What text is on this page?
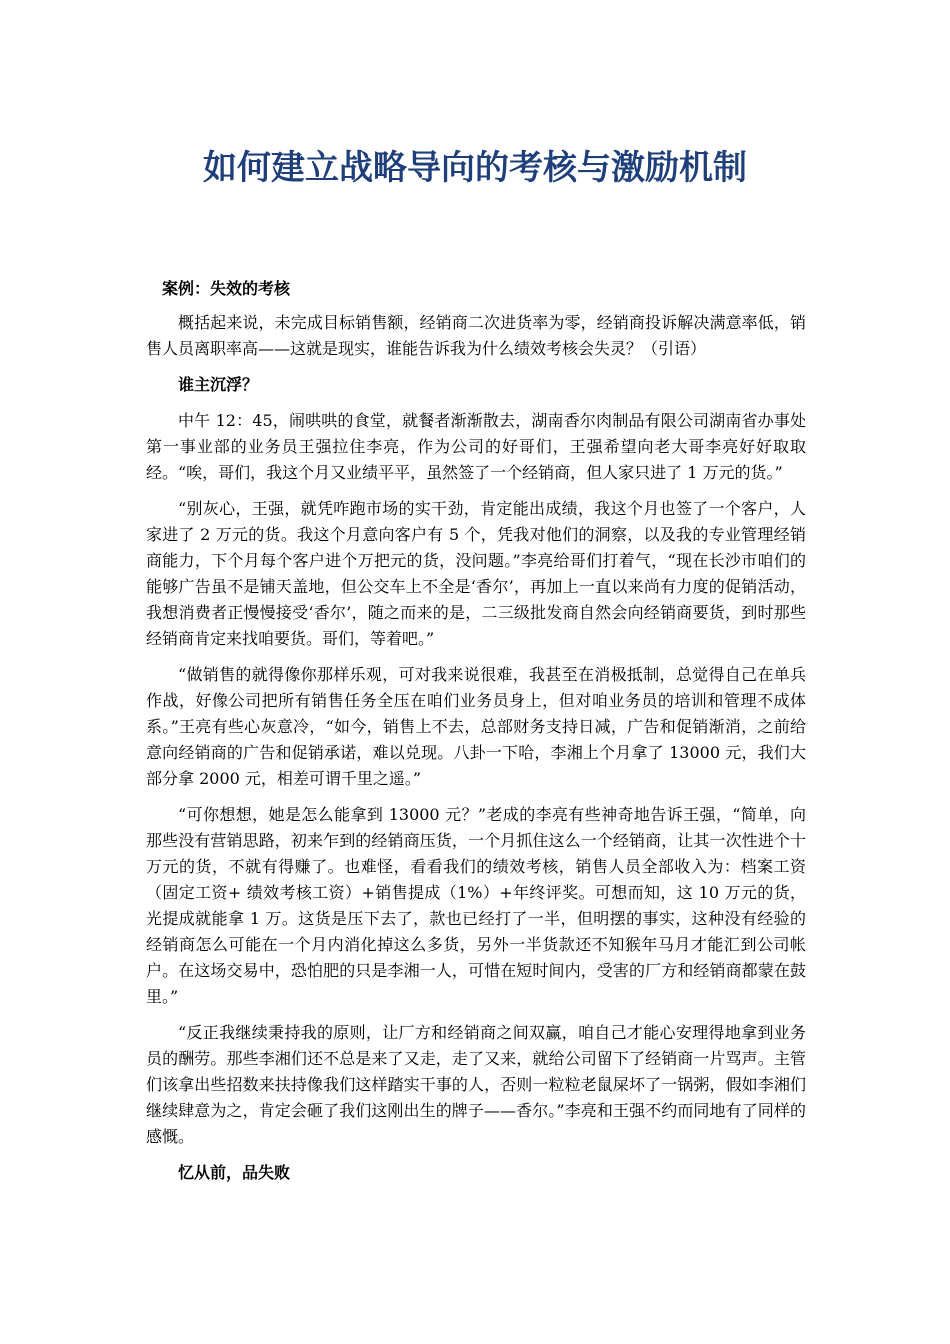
如何建立战略导向的考核与激励机制

案例：失效的考核

概括起来说，未完成目标销售额，经销商二次进货率为零，经销商投诉解决满意率低，销售人员离职率高——这就是现实，谁能告诉我为什么绩效考核会失灵？（引语）

谁主沉浮？

中午 12：45，闹哄哄的食堂，就餐者渐渐散去，湖南香尔肉制品有限公司湖南省办事处第一事业部的业务员王强拉住李亮，作为公司的好哥们，王强希望向老大哥李亮好好取取经。“唉，哥们，我这个月又业绩平平，虽然签了一个经销商，但人家只进了 1 万元的货。”

“别灰心，王强，就凭咋跑市场的实干劲，肯定能出成绩，我这个月也签了一个客户，人家进了 2 万元的货。我这个月意向客户有 5 个，凭我对他们的洞察，以及我的专业管理经销商能力，下个月每个客户进个万把元的货，没问题。”李亮给哥们打着气，“现在长沙市咱们的能够广告虽不是铺天盖地，但公交车上不全是‘香尔’，再加上一直以来尚有力度的促销活动，我想消费者正慢慢接受‘香尔’，随之而来的是，二三级批发商自然会向经销商要货，到时那些经销商肯定来找咱要货。哥们，等着吧。”

“做销售的就得像你那样乐观，可对我来说很难，我甚至在消极抵制，总觉得自己在单兵作战，好像公司把所有销售任务全压在咱们业务员身上，但对咱业务员的培训和管理不成体系。”王亮有些心灰意冷，“如今，销售上不去，总部财务支持日减，广告和促销渐消，之前给意向经销商的广告和促销承诺，难以兑现。八卦一下哈，李湘上个月拿了 13000 元，我们大部分拿 2000 元，相差可谓千里之遥。”

“可你想想，她是怎么能拿到 13000 元？”老成的李亮有些神奇地告诉王强，“简单，向那些没有营销思路，初来乍到的经销商压货，一个月抓住这么一个经销商，让其一次性进个十万元的货，不就有得赚了。也难怪，看看我们的绩效考核，销售人员全部收入为：档案工资（固定工资+ 绩效考核工资）+销售提成（1%）+年终评奖。可想而知，这 10 万元的货，光提成就能拿 1 万。这货是压下去了，款也已经打了一半，但明摆的事实，这种没有经验的经销商怎么可能在一个月内消化掉这么多货，另外一半货款还不知猴年马月才能汇到公司帐户。在这场交易中，恐怕肥的只是李湘一人，可惜在短时间内，受害的厂方和经销商都蒙在鼓里。”

“反正我继续秉持我的原则，让厂方和经销商之间双赢，咱自己才能心安理得地拿到业务员的酬劳。那些李湘们还不总是来了又走，走了又来，就给公司留下了经销商一片骂声。主管们该拿出些招数来扶持像我们这样踏实干事的人，否则一粒粒老鼠屎坏了一锅粥，假如李湘们继续肆意为之，肯定会砸了我们这刚出生的牌子——香尔。”李亮和王强不约而同地有了同样的感慨。

忆从前，品失败
